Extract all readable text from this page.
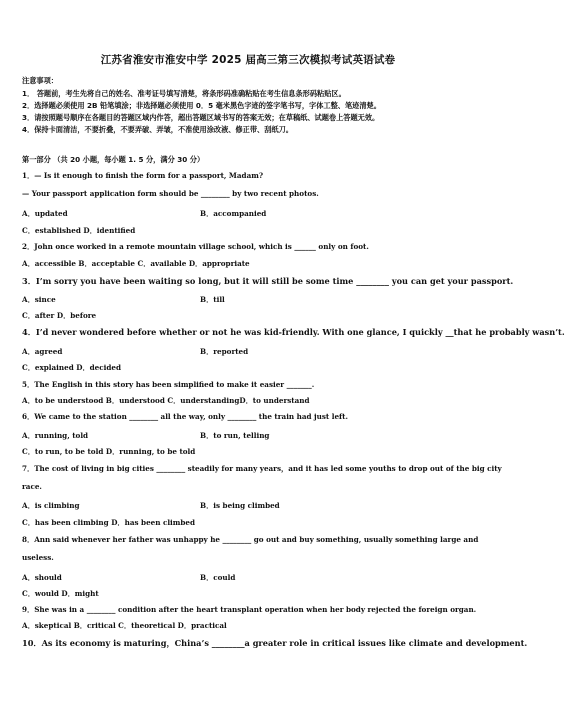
江苏省淮安市淮安中学 2025 届高三第三次模拟考试英语试卷
注意事项：
1． 答题前，考生先将自己的姓名、准考证号填写清楚，将条形码准确粘贴在考生信息条形码粘贴区。
2．选择题必须使用 2B 铅笔填涂；非选择题必须使用 0．5 毫米黑色字迹的签字笔书写，字体工整、笔迹清楚。
3．请按照题号顺序在各题目的答题区域内作答，超出答题区域书写的答案无效；在草稿纸、试题卷上答题无效。
4．保持卡面清洁，不要折叠，不要弄破、弄皱，不准使用涂改液、修正带、刮纸刀。
第一部分 （共 20 小题，每小题 1. 5 分，满分 30 分）
1．— Is it enough to finish the form for a passport, Madam?
— Your passport application form should be ________ by two recent photos.
A．updated	B．accompanied
C．established D．identified
2．John once worked in a remote mountain village school, which is ______ only on foot.
A．accessible B．acceptable C．available D．appropriate
3．I’m sorry you have been waiting so long, but it will still be some time ________ you can get your passport.
A．since	B．till
C．after D．before
4．I’d never wondered before whether or not he was kid-friendly. With one glance, I quickly __that he probably wasn’t.
A．agreed	B．reported
C．explained D．decided
5．The English in this story has been simplified to make it easier _______.
A．to be understood B．understood C．understandingD．to understand
6．We came to the station ________ all the way, only ________ the train had just left.
A．running, told	B．to run, telling
C．to run, to be told D．running, to be told
7．The cost of living in big cities ________ steadily for many years，and it has led some youths to drop out of the big city
race.
A．is climbing	B．is being climbed
C．has been climbing D．has been climbed
8．Ann said whenever her father was unhappy he ________ go out and buy something, usually something large and
useless.
A．should	B．could
C．would D．might
9．She was in a ________ condition after the heart transplant operation when her body rejected the foreign organ.
A．skeptical B．critical C．theoretical D．practical
10．As its economy is maturing，China’s ________a greater role in critical issues like climate and development.
